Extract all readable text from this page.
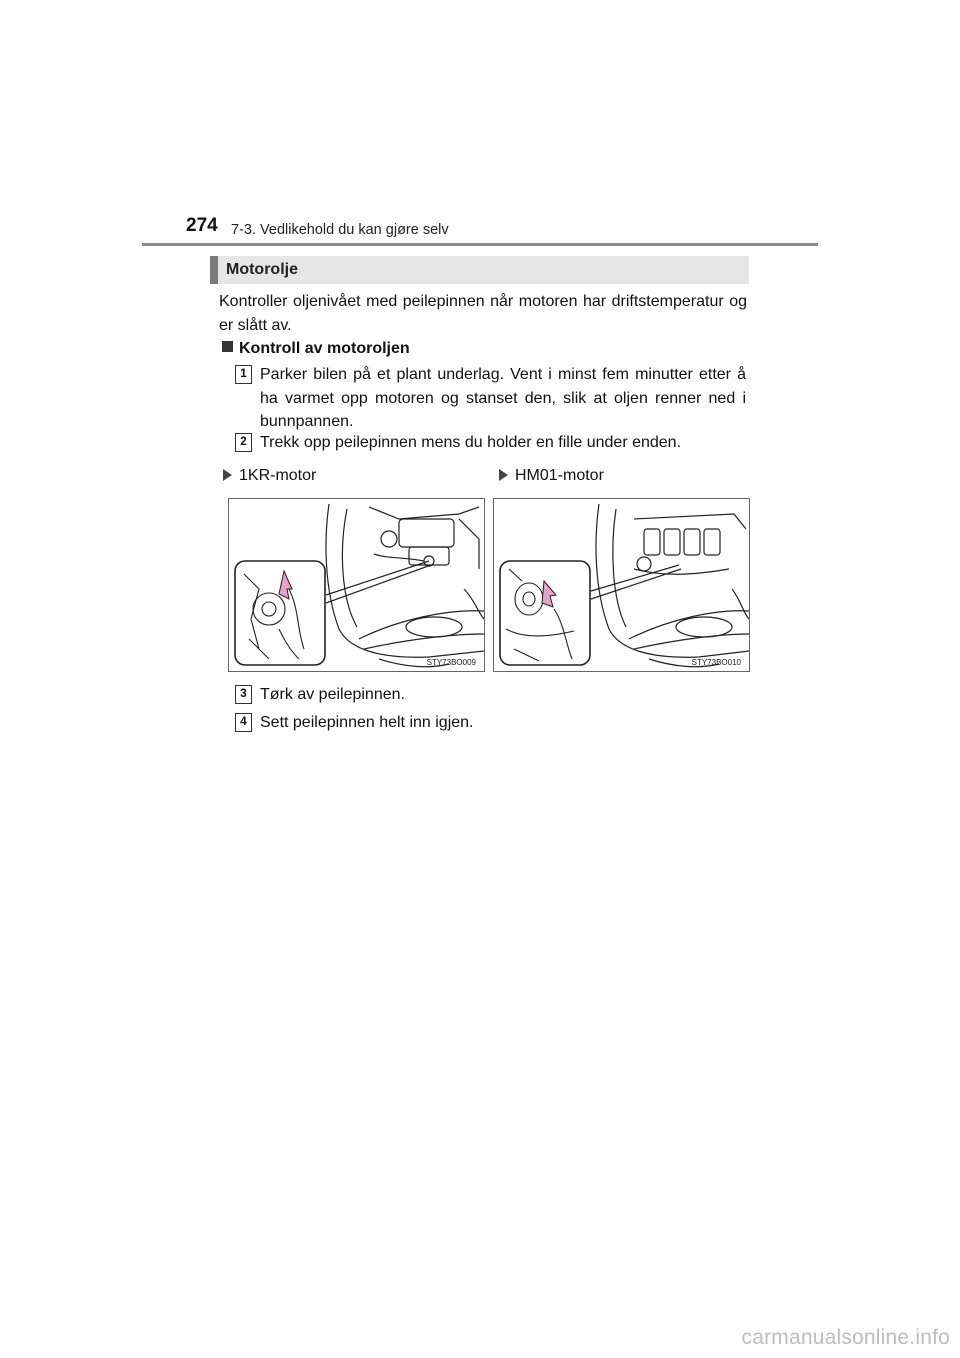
274 7-3. Vedlikehold du kan gjøre selv
Motorolje
Kontroller oljenivået med peilepinnen når motoren har driftstemperatur og er slått av.
Kontroll av motoroljen
1 Parker bilen på et plant underlag. Vent i minst fem minutter etter å ha varmet opp motoren og stanset den, slik at oljen renner ned i bunnpannen.
2 Trekk opp peilepinnen mens du holder en fille under enden.
1KR-motor	HM01-motor
STY73BO009	STY73BO010
3 Tørk av peilepinnen.
4 Sett peilepinnen helt inn igjen.
carmanualsonline.info
